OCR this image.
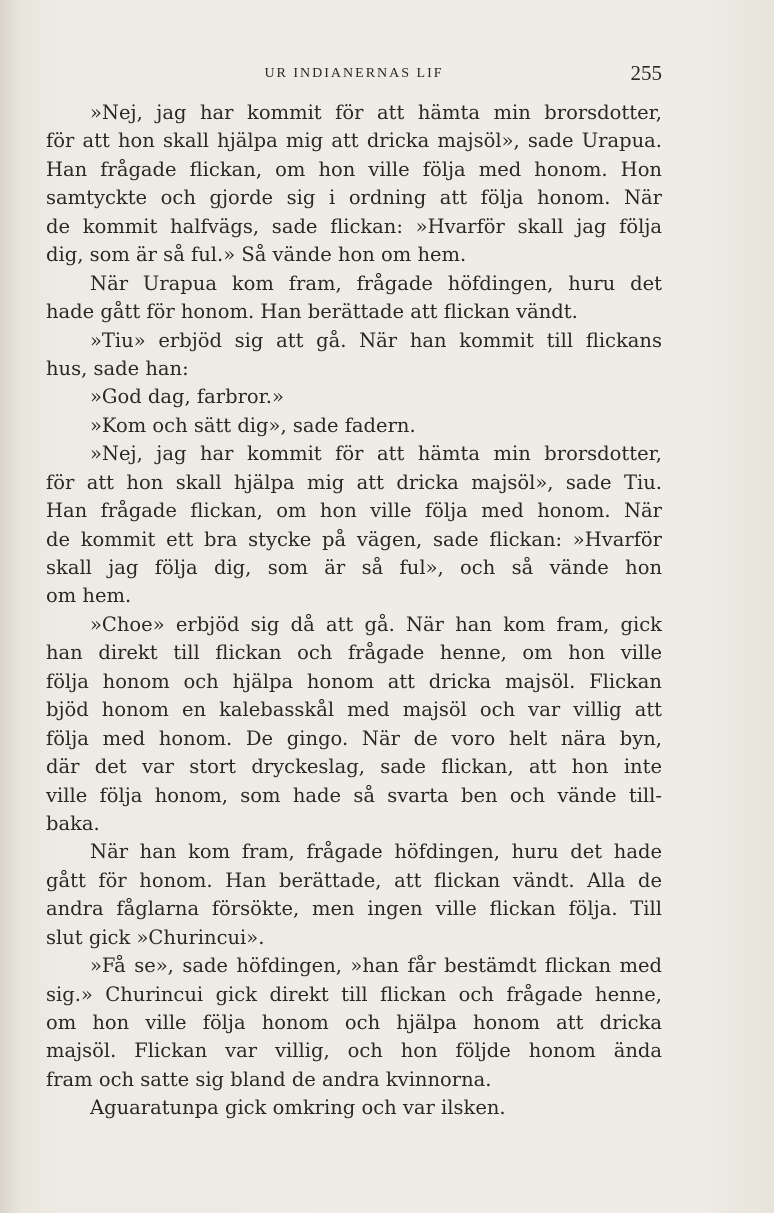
UR INDIANERNAS LIF	255
»Nej, jag har kommit för att hämta min brorsdotter,
för att hon skall hjälpa mig att dricka majsöl», sade Urapua.
Han frågade flickan, om hon ville följa med honom. Hon
samtyckte och gjorde sig i ordning att följa honom. När
de kommit halfvägs, sade flickan: »Hvarför skall jag följa
dig, som är så ful.» Så vände hon om hem.
När Urapua kom fram, frågade höfdingen, huru det
hade gått för honom. Han berättade att flickan vändt.
»Tiu» erbjöd sig att gå. När han kommit till flickans
hus, sade han:
»God dag, farbror.»
»Kom och sätt dig», sade fadern.
»Nej, jag har kommit för att hämta min brorsdotter,
för att hon skall hjälpa mig att dricka majsöl», sade Tiu.
Han frågade flickan, om hon ville följa med honom. När
de kommit ett bra stycke på vägen, sade flickan: »Hvarför
skall jag följa dig, som är så ful», och så vände hon
om hem.
»Choe» erbjöd sig då att gå. När han kom fram, gick
han direkt till flickan och frågade henne, om hon ville
följa honom och hjälpa honom att dricka majsöl. Flickan
bjöd honom en kalebasskål med majsöl och var villig att
följa med honom. De gingo. När de voro helt nära byn,
där det var stort dryckeslag, sade flickan, att hon inte
ville följa honom, som hade så svarta ben och vände till-
baka.
När han kom fram, frågade höfdingen, huru det hade
gått för honom. Han berättade, att flickan vändt. Alla de
andra fåglarna försökte, men ingen ville flickan följa. Till
slut gick »Churincui».
»Få se», sade höfdingen, »han får bestämdt flickan med
sig.» Churincui gick direkt till flickan och frågade henne,
om hon ville följa honom och hjälpa honom att dricka
majsöl. Flickan var villig, och hon följde honom ända
fram och satte sig bland de andra kvinnorna.
Aguaratunpa gick omkring och var ilsken.
